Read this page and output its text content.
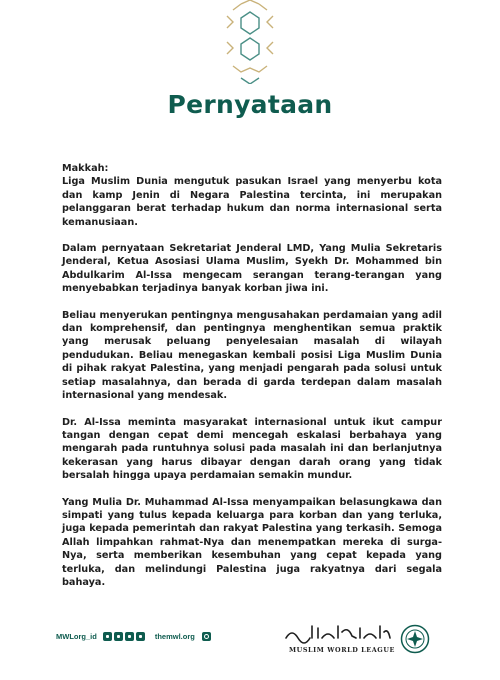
Pernyataan

Makkah:
Liga Muslim Dunia mengutuk pasukan Israel yang menyerbu kota dan kamp Jenin di Negara Palestina tercinta, ini merupakan pelanggaran berat terhadap hukum dan norma internasional serta kemanusiaan.

Dalam pernyataan Sekretariat Jenderal LMD, Yang Mulia Sekretaris Jenderal, Ketua Asosiasi Ulama Muslim, Syekh Dr. Mohammed bin Abdulkarim Al-Issa mengecam serangan terang-terangan yang menyebabkan terjadinya banyak korban jiwa ini.

Beliau menyerukan pentingnya mengusahakan perdamaian yang adil dan komprehensif, dan pentingnya menghentikan semua praktik yang merusak peluang penyelesaian masalah di wilayah pendudukan. Beliau menegaskan kembali posisi Liga Muslim Dunia di pihak rakyat Palestina, yang menjadi pengarah pada solusi untuk setiap masalahnya, dan berada di garda terdepan dalam masalah internasional yang mendesak.

Dr. Al-Issa meminta masyarakat internasional untuk ikut campur tangan dengan cepat demi mencegah eskalasi berbahaya yang mengarah pada runtuhnya solusi pada masalah ini dan berlanjutnya kekerasan yang harus dibayar dengan darah orang yang tidak bersalah hingga upaya perdamaian semakin mundur.

Yang Mulia Dr. Muhammad Al-Issa menyampaikan belasungkawa dan simpati yang tulus kepada keluarga para korban dan yang terluka, juga kepada pemerintah dan rakyat Palestina yang terkasih. Semoga Allah limpahkan rahmat-Nya dan menempatkan mereka di surga-Nya, serta memberikan kesembuhan yang cepat kepada yang terluka, dan melindungi Palestina juga rakyatnya dari segala bahaya.

MWLorg_id	themwl.org
MUSLIM WORLD LEAGUE
